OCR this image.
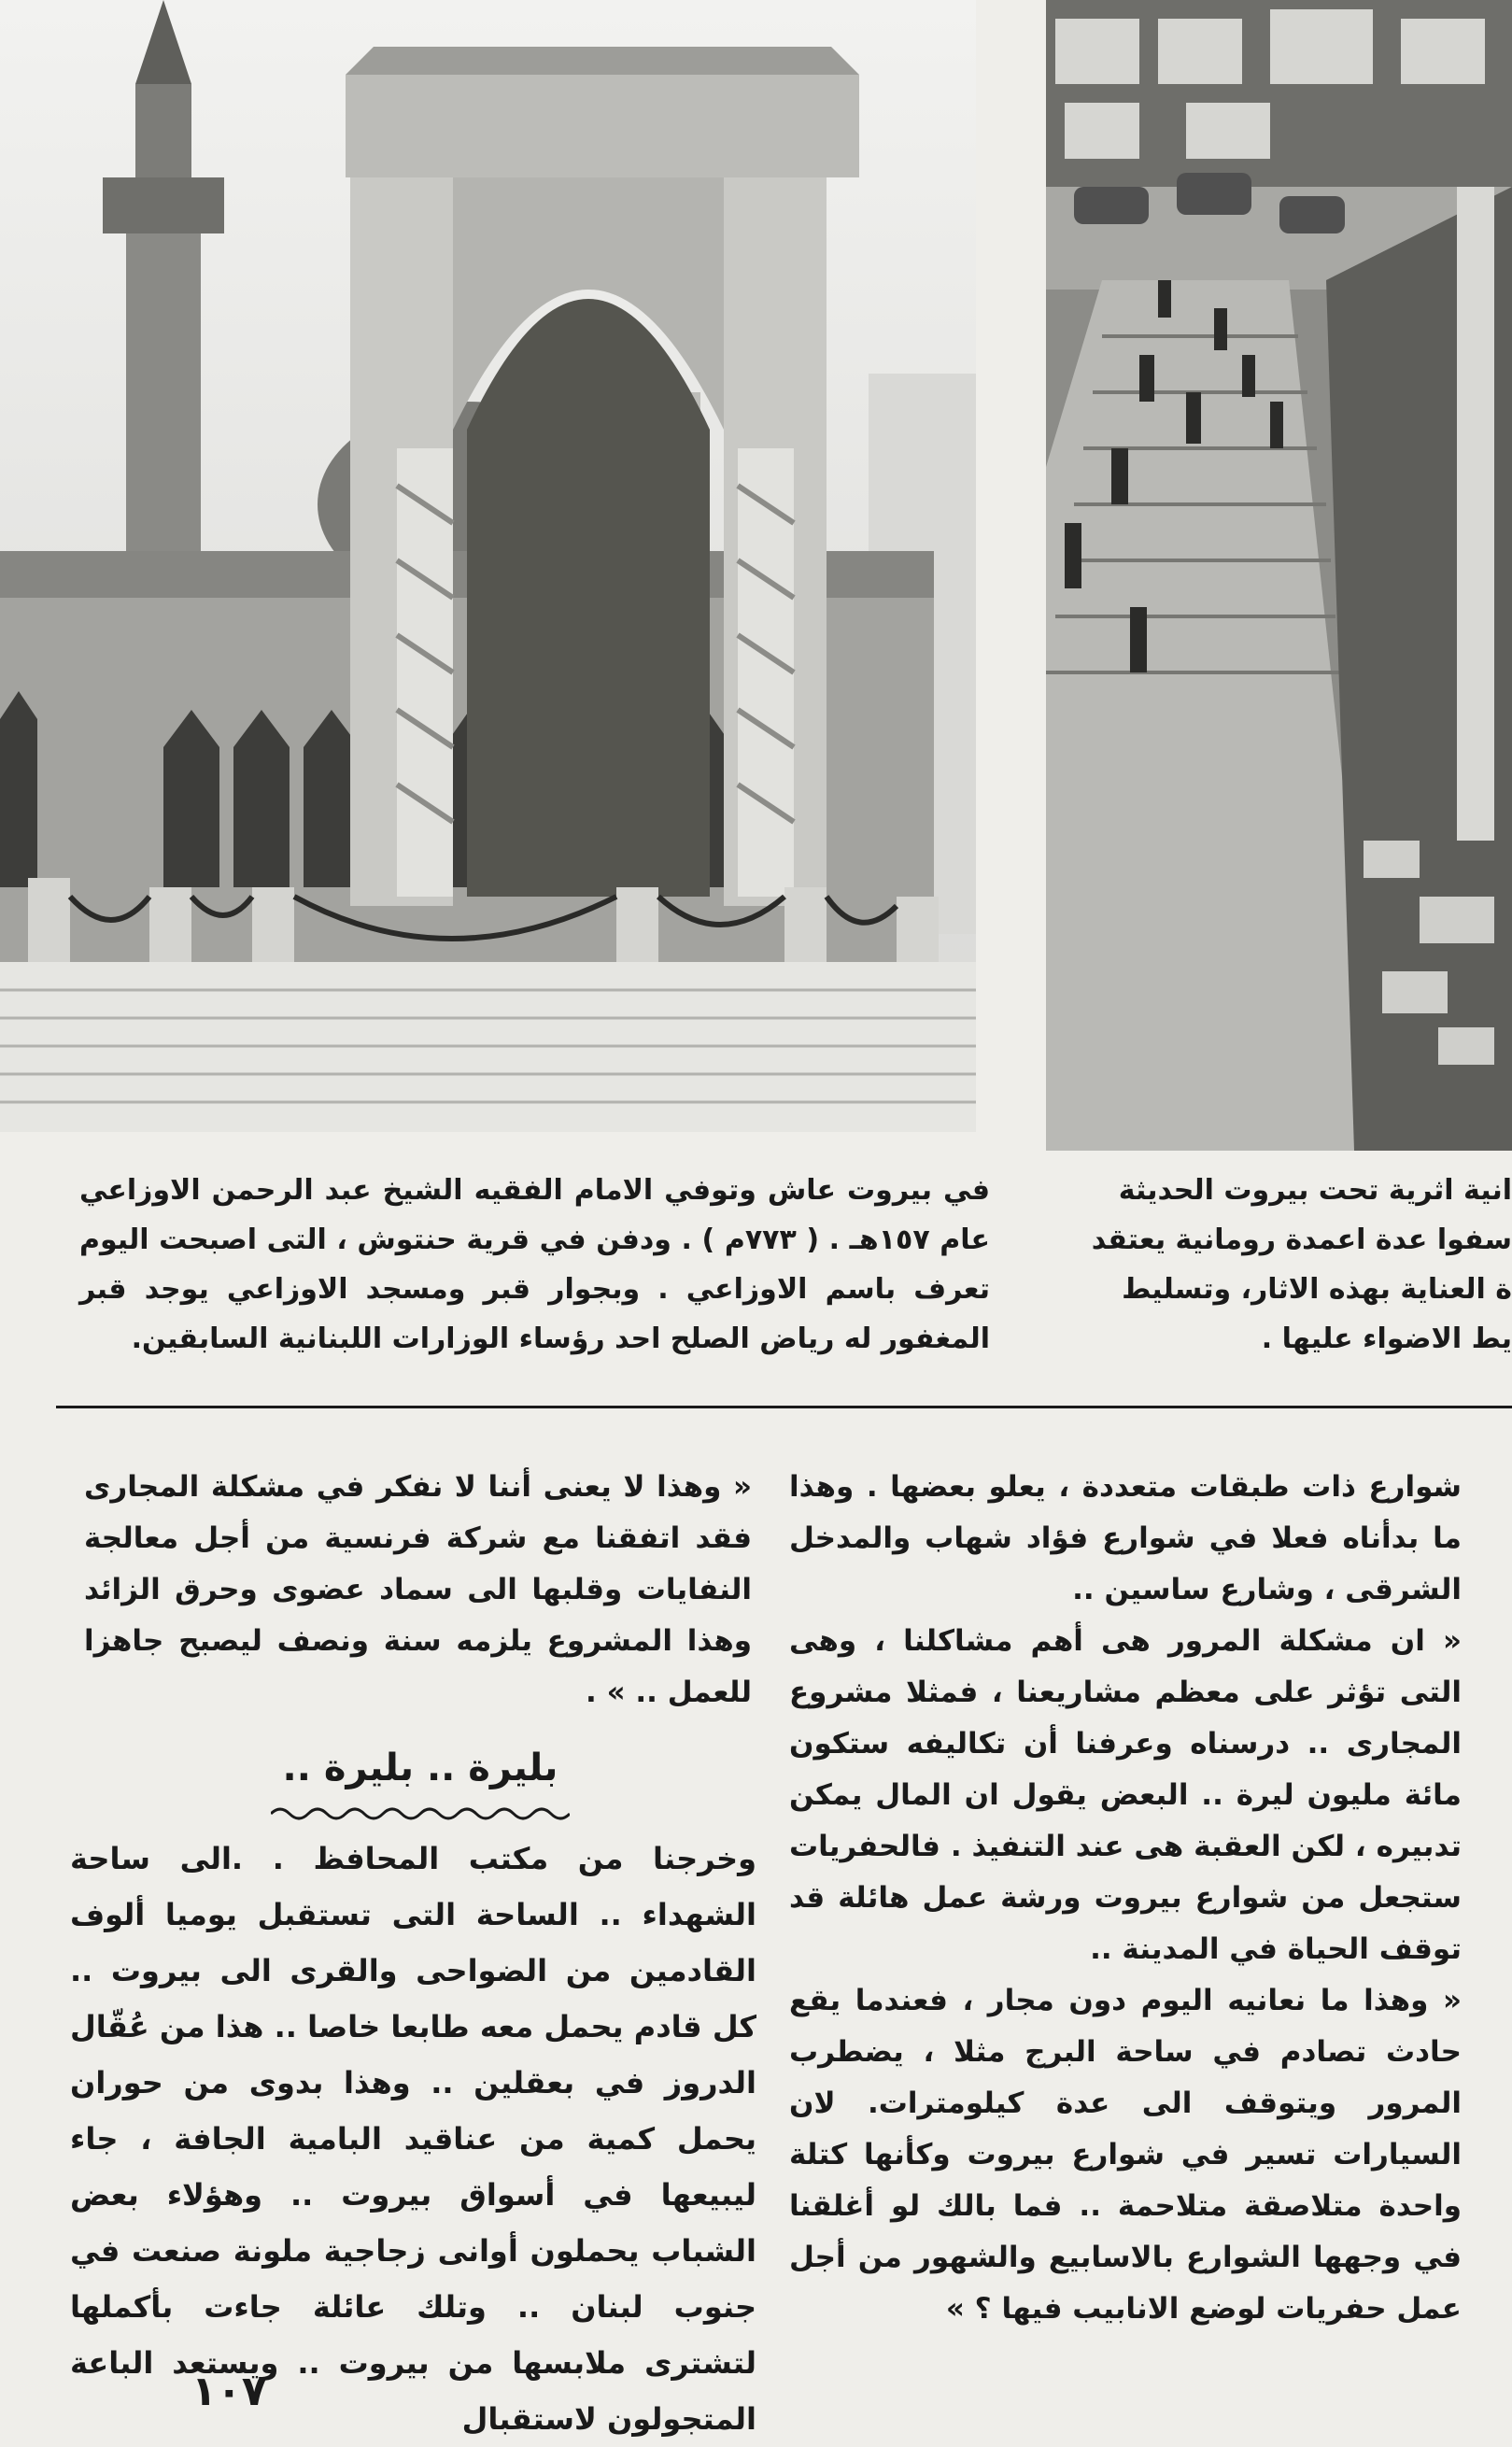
في بيروت عاش وتوفي الامام الفقيه الشيخ عبد الرحمن الاوزاعي عام ١٥٧هـ . ( ٧٧٣م ) . ودفن في قرية حنتوش ، التى اصبحت اليوم تعرف باسم الاوزاعي . وبجوار قبر ومسجد الاوزاعي يوجد قبر المغفور له رياض الصلح احد رؤساء الوزارات اللبنانية السابقين.
انية اثرية تحت بيروت الحديثة
سفوا عدة اعمدة رومانية يعتقد
ة العناية بهذه الاثار، وتسليط
يط الاضواء عليها .

شوارع ذات طبقات متعددة ، يعلو بعضها . وهذا ما بدأناه فعلا في شوارع فؤاد شهاب والمدخل الشرقى ، وشارع ساسين ..

« ان مشكلة المرور هى أهم مشاكلنا ، وهى التى تؤثر على معظم مشاريعنا ، فمثلا مشروع المجارى .. درسناه وعرفنا أن تكاليفه ستكون مائة مليون ليرة .. البعض يقول ان المال يمكن تدبيره ، لكن العقبة هى عند التنفيذ . فالحفريات ستجعل من شوارع بيروت ورشة عمل هائلة قد توقف الحياة في المدينة ..

« وهذا ما نعانيه اليوم دون مجار ، فعندما يقع حادث تصادم في ساحة البرج مثلا ، يضطرب المرور ويتوقف الى عدة كيلومترات. لان السيارات تسير في شوارع بيروت وكأنها كتلة واحدة متلاصقة متلاحمة .. فما بالك لو أغلقنا في وجهها الشوارع بالاسابيع والشهور من أجل عمل حفريات لوضع الانابيب فيها ؟ »

« وهذا لا يعنى أننا لا نفكر في مشكلة المجارى فقد اتفقنا مع شركة فرنسية من أجل معالجة النفايات وقلبها الى سماد عضوى وحرق الزائد وهذا المشروع يلزمه سنة ونصف ليصبح جاهزا للعمل .. » .

بليرة .. بليرة ..
وخرجنا من مكتب المحافظ . .الى ساحة الشهداء .. الساحة التى تستقبل يوميا ألوف القادمين من الضواحى والقرى الى بيروت .. كل قادم يحمل معه طابعا خاصا .. هذا من عُقّال الدروز في بعقلين .. وهذا بدوى من حوران يحمل كمية من عناقيد البامية الجافة ، جاء ليبيعها في أسواق بيروت .. وهؤلاء بعض الشباب يحملون أوانى زجاجية ملونة صنعت في جنوب لبنان .. وتلك عائلة جاءت بأكملها لتشترى ملابسها من بيروت .. ويستعد الباعة المتجولون لاستقبال
١٠٧
